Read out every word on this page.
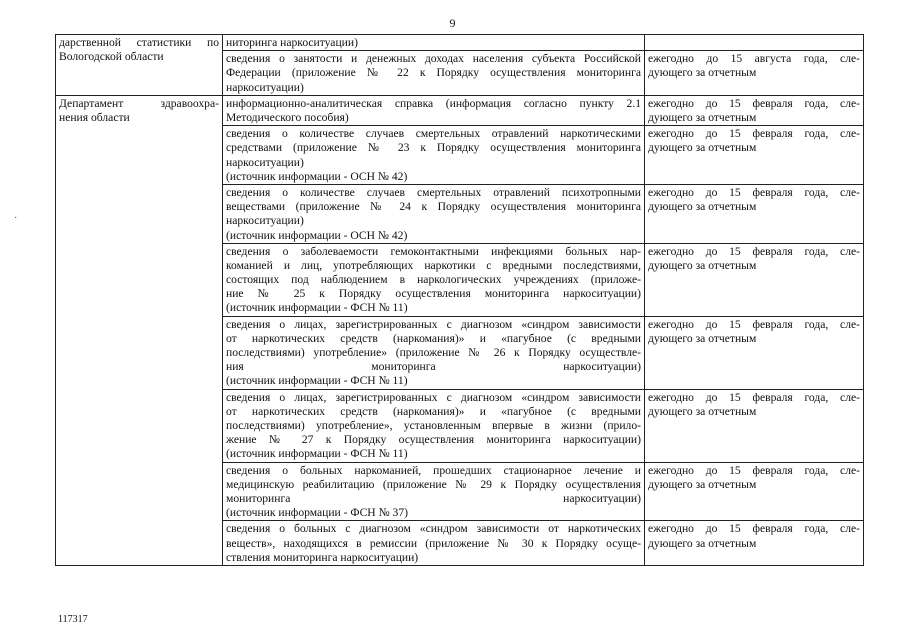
9
дарственной статистики по
Вологодской области	ниторинга наркоситуации)	

	сведения о занятости и денежных доходах населения субъекта Российской
Федерации (приложение № 22 к Порядку осуществления мониторинга
наркоситуации)	ежегодно до 15 августа года, сле-
дующего за отчетным

Департамент здравоохра-
нения области	информационно-аналитическая справка (информация согласно пункту 2.1
Методического пособия)	ежегодно до 15 февраля года, сле-
дующего за отчетным

	сведения о количестве случаев смертельных отравлений наркотическими
средствами (приложение № 23 к Порядку осуществления мониторинга
наркоситуации)
(источник информации - ОСН № 42)	ежегодно до 15 февраля года, сле-
дующего за отчетным

	сведения о количестве случаев смертельных отравлений психотропными
веществами (приложение № 24 к Порядку осуществления мониторинга
наркоситуации)
(источник информации - ОСН № 42)	ежегодно до 15 февраля года, сле-
дующего за отчетным

	сведения о заболеваемости гемоконтактными инфекциями больных нар-
команией и лиц, употребляющих наркотики с вредными последствиями,
состоящих под наблюдением в наркологических учреждениях (приложе-
ние № 25 к Порядку осуществления мониторинга наркоситуации)
(источник информации - ФСН № 11)	ежегодно до 15 февраля года, сле-
дующего за отчетным

	сведения о лицах, зарегистрированных с диагнозом «синдром зависимости
от наркотических средств (наркомания)» и «пагубное (с вредными
последствиями) употребление» (приложение № 26 к Порядку осуществле-
ния мониторинга наркоситуации)
(источник информации - ФСН № 11)	ежегодно до 15 февраля года, сле-
дующего за отчетным

	сведения о лицах, зарегистрированных с диагнозом «синдром зависимости
от наркотических средств (наркомания)» и «пагубное (с вредными
последствиями) употребление», установленным впервые в жизни (прило-
жение № 27 к Порядку осуществления мониторинга наркоситуации)
(источник информации - ФСН № 11)	ежегодно до 15 февраля года, сле-
дующего за отчетным

	сведения о больных наркоманией, прошедших стационарное лечение и
медицинскую реабилитацию (приложение № 29 к Порядку осуществления
мониторинга наркоситуации)
(источник информации - ФСН № 37)	ежегодно до 15 февраля года, сле-
дующего за отчетным

	сведения о больных с диагнозом «синдром зависимости от наркотических
веществ», находящихся в ремиссии (приложение № 30 к Порядку осуще-
ствления мониторинга наркоситуации)	ежегодно до 15 февраля года, сле-
дующего за отчетным
·
117317
